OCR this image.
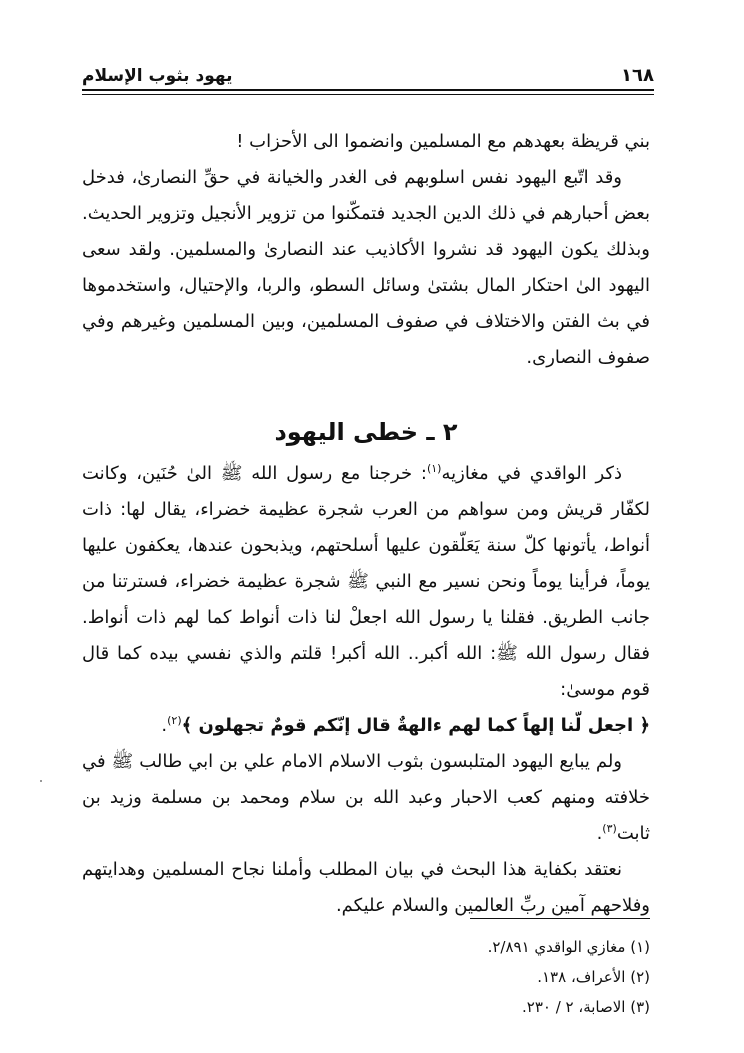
١٦٨
يهود بثوب الإسلام

بني قريظة بعهدهم مع المسلمين وانضموا الى الأحزاب !

وقد اتّبع اليهود نفس اسلوبهم فى الغدر والخيانة في حقِّ النصارىٰ، فدخل بعض أحبارهم في ذلك الدين الجديد فتمكّنوا من تزوير الأنجيل وتزوير الحديث. وبذلك يكون اليهود قد نشروا الأكاذيب عند النصارىٰ والمسلمين. ولقد سعى اليهود الىٰ احتكار المال بشتىٰ وسائل السطو، والربا، والإحتيال، واستخدموها في بث الفتن والاختلاف في صفوف المسلمين، وبين المسلمين وغيرهم وفي صفوف النصارى.

٢ ـ خطى اليهود

ذكر الواقدي في مغازيه$^{(١)}$: خرجنا مع رسول الله ﷺ الىٰ حُنَين، وكانت لكفّار قريش ومن سواهم من العرب شجرة عظيمة خضراء، يقال لها: ذات أنواط، يأتونها كلّ سنة يَعَلّقون عليها أسلحتهم، ويذبحون عندها، يعكفون عليها يوماً، فرأينا يوماً ونحن نسير مع النبي ﷺ شجرة عظيمة خضراء، فسترتنا من جانب الطريق. فقلنا يا رسول الله اجعلْ لنا ذات أنواط كما لهم ذات أنواط. فقال رسول الله ﷺ: الله أكبر.. الله أكبر! قلتم والذي نفسي بيده كما قال قوم موسىٰ:

﴿ اجعل لّنا إلهاً كما لهم ءالهةٌ قال إنّكم قومٌ تجهلون ﴾$^{(٢)}$.

ولم يبايع اليهود المتلبسون بثوب الاسلام الامام علي بن ابي طالب ﷺ في خلافته ومنهم كعب الاحبار وعبد الله بن سلام ومحمد بن مسلمة وزيد بن ثابت$^{(٣)}$.

نعتقد بكفاية هذا البحث في بيان المطلب وأملنا نجاح المسلمين وهدايتهم وفلاحهم آمين ربِّ العالمين والسلام عليكم.

(١) مغازي الواقدي ٢/٨٩١.
(٢) الأعراف، ١٣٨.
(٣) الاصابة، ٢ / ٢٣٠.
